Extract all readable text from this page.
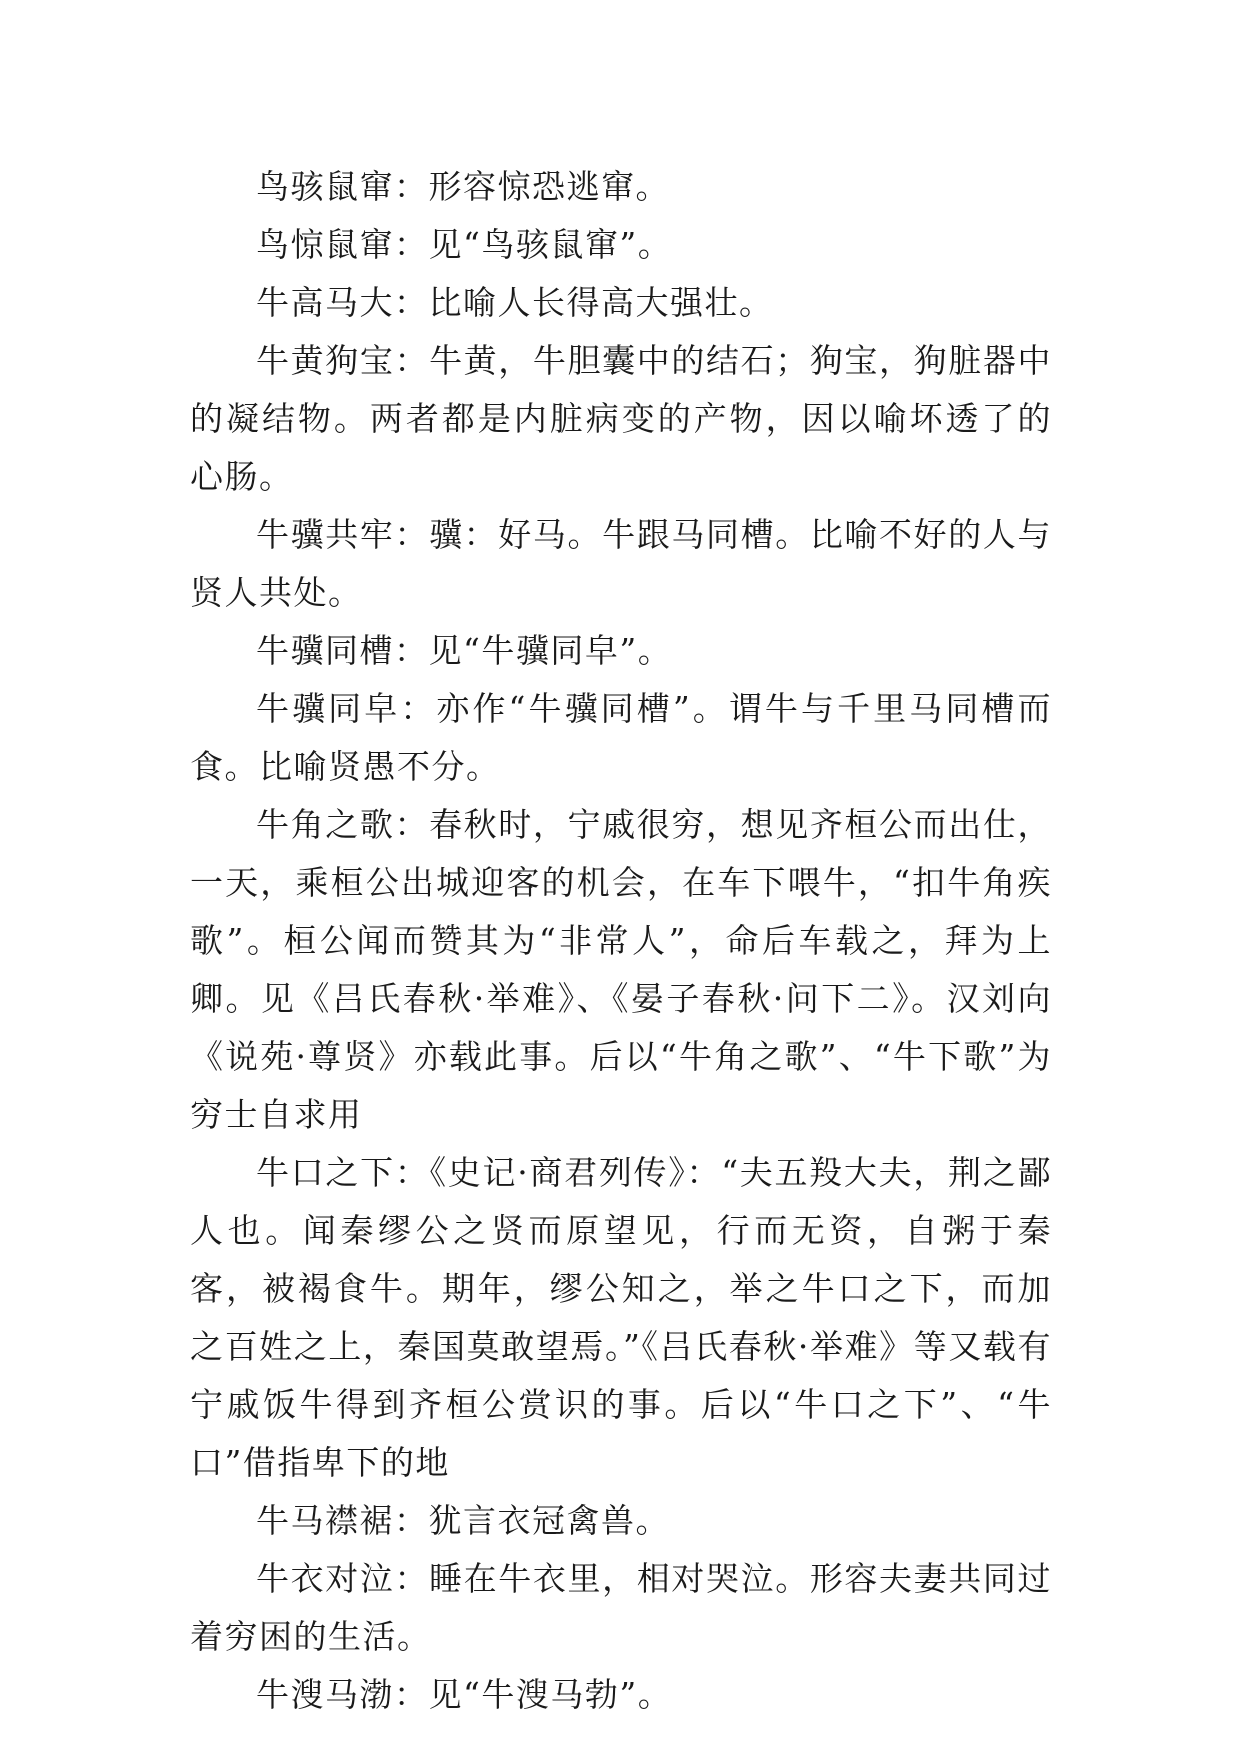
鸟骇鼠窜：形容惊恐逃窜。

鸟惊鼠窜：见“鸟骇鼠窜”。

牛高马大：比喻人长得高大强壮。

牛黄狗宝：牛黄，牛胆囊中的结石；狗宝，狗脏器中的凝结物。两者都是内脏病变的产物，因以喻坏透了的心肠。

牛骥共牢：骥：好马。牛跟马同槽。比喻不好的人与贤人共处。

牛骥同槽：见“牛骥同皁”。

牛骥同皁：亦作“牛骥同槽”。谓牛与千里马同槽而食。比喻贤愚不分。

牛角之歌：春秋时，宁戚很穷，想见齐桓公而出仕，一天，乘桓公出城迎客的机会，在车下喂牛，“扣牛角疾歌”。桓公闻而赞其为“非常人”，命后车载之，拜为上卿。见《吕氏春秋·举难》、《晏子春秋·问下二》。汉刘向《说苑·尊贤》亦载此事。后以“牛角之歌”、“牛下歌”为穷士自求用

牛口之下：《史记·商君列传》：“夫五羖大夫，荆之鄙人也。闻秦缪公之贤而原望见，行而无资，自粥于秦客，被褐食牛。期年，缪公知之，举之牛口之下，而加之百姓之上，秦国莫敢望焉。”《吕氏春秋·举难》等又载有宁戚饭牛得到齐桓公赏识的事。后以“牛口之下”、“牛口”借指卑下的地

牛马襟裾：犹言衣冠禽兽。

牛衣对泣：睡在牛衣里，相对哭泣。形容夫妻共同过着穷困的生活。

牛溲马渤：见“牛溲马勃”。
